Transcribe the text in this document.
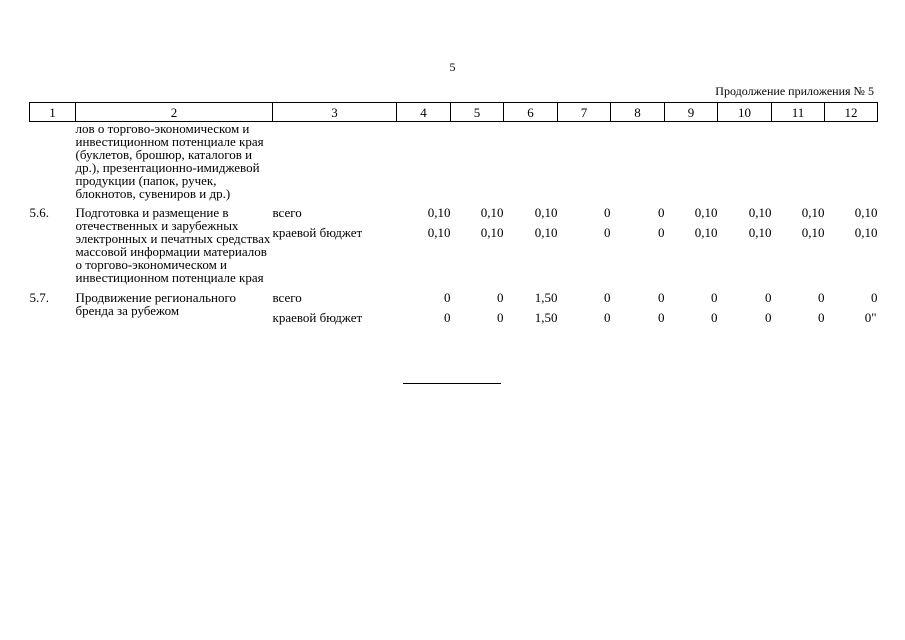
5
Продолжение приложения № 5
1	2	3	4	5	6	7	8	9	10	11	12
	лов о торгово-экономическом и инвестиционном потенциале края (буклетов, брошюр, каталогов и др.), презентационно-имиджевой продукции (папок, ручек, блокнотов, сувениров и др.)										
5.6.	Подготовка и размещение в отечественных и зарубежных электронных и печатных средствах массовой информации материалов о торгово-экономическом и инвестиционном потенциале края	всего	0,10	0,10	0,10	0	0	0,10	0,10	0,10	0,10
		краевой бюджет	0,10	0,10	0,10	0	0	0,10	0,10	0,10	0,10
5.7.	Продвижение регионального бренда за рубежом	всего	0	0	1,50	0	0	0	0	0	0
		краевой бюджет	0	0	1,50	0	0	0	0	0	0"
